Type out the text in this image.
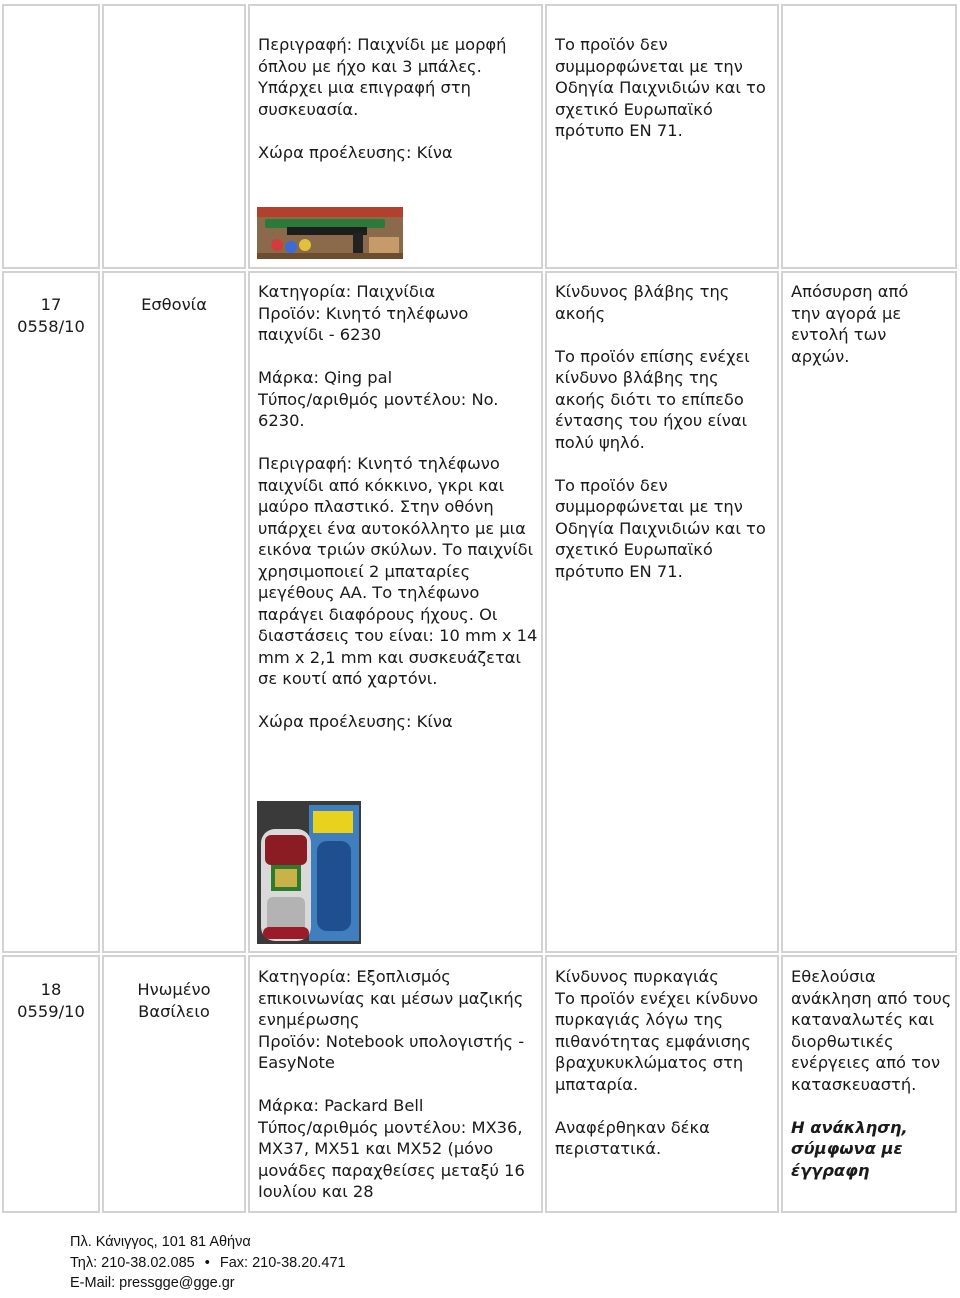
Περιγραφή: Παιχνίδι με μορφή όπλου με ήχο και 3 μπάλες. Υπάρχει μια επιγραφή στη συσκευασία.

Χώρα προέλευσης: Κίνα

Το προϊόν δεν συμμορφώνεται με την Οδηγία Παιχνιδιών και το σχετικό Ευρωπαϊκό πρότυπο ΕΝ 71.

17
0558/10
Εσθονία
Κατηγορία: Παιχνίδια

Προϊόν: Κινητό τηλέφωνο παιχνίδι - 6230

Μάρκα: Qing pal

Τύπος/αριθμός μοντέλου: No. 6230.

Περιγραφή: Κινητό τηλέφωνο παιχνίδι από κόκκινο, γκρι και μαύρο πλαστικό. Στην οθόνη υπάρχει ένα αυτοκόλλητο με μια εικόνα τριών σκύλων. Το παιχνίδι χρησιμοποιεί 2 μπαταρίες μεγέθους ΑΑ. Το τηλέφωνο παράγει διαφόρους ήχους. Οι διαστάσεις του είναι: 10 mm x 14 mm x 2,1 mm και συσκευάζεται σε κουτί από χαρτόνι.

Χώρα προέλευσης: Κίνα

Κίνδυνος βλάβης της ακοής

Το προϊόν επίσης ενέχει κίνδυνο βλάβης της ακοής διότι το επίπεδο έντασης του ήχου είναι πολύ ψηλό.

Το προϊόν δεν συμμορφώνεται με την Οδηγία Παιχνιδιών και το σχετικό Ευρωπαϊκό πρότυπο ΕΝ 71.

Απόσυρση από την αγορά με εντολή των αρχών.
18
0559/10
Ηνωμένο Βασίλειο
Κατηγορία: Εξοπλισμός επικοινωνίας και μέσων μαζικής ενημέρωσης
Προϊόν: Notebook υπολογιστής - EasyNote

Μάρκα: Packard Bell

Τύπος/αριθμός μοντέλου: MX36, MX37, MX51 και MX52 (μόνο μονάδες παραχθείσες μεταξύ 16 Ιουλίου και 28

Κίνδυνος πυρκαγιάς

Το προϊόν ενέχει κίνδυνο πυρκαγιάς λόγω της πιθανότητας εμφάνισης βραχυκυκλώματος στη μπαταρία.

Αναφέρθηκαν δέκα περιστατικά.

Εθελούσια ανάκληση από τους καταναλωτές και διορθωτικές ενέργειες από τον κατασκευαστή.

Η ανάκληση, σύμφωνα με έγγραφη

Πλ. Κάνιγγος, 101 81 Αθήνα
Τηλ: 210-38.02.085 • Fax: 210-38.20.471
E-Mail: pressgge@gge.gr
